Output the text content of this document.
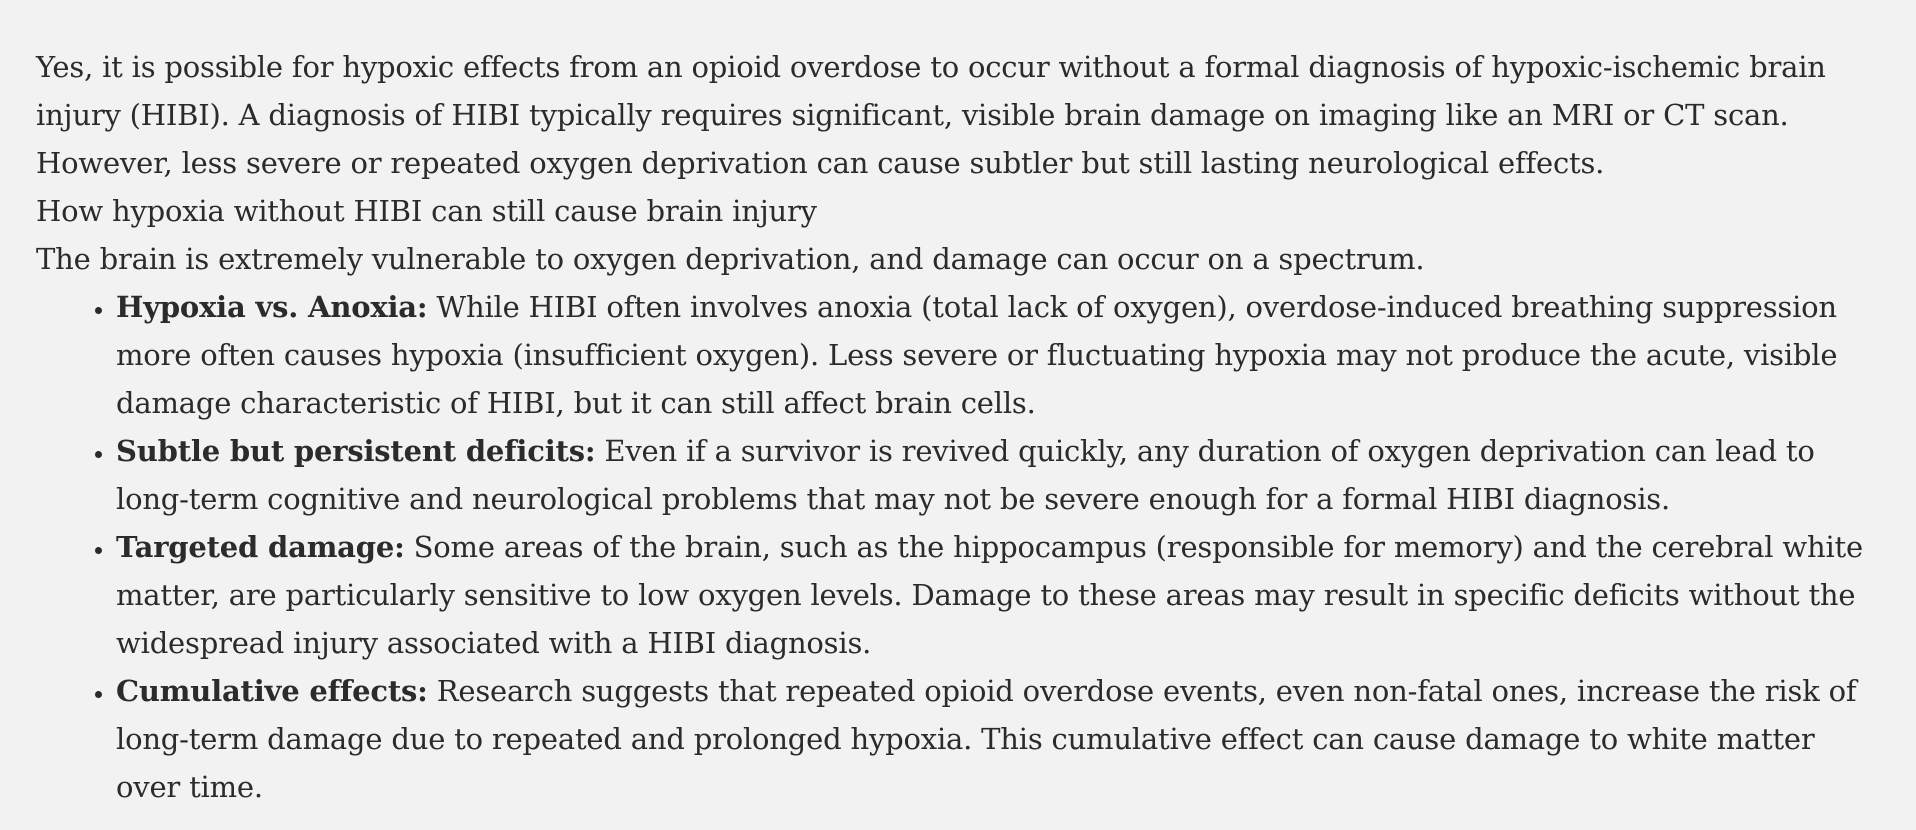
Yes, it is possible for hypoxic effects from an opioid overdose to occur without a formal diagnosis of hypoxic-ischemic brain injury (HIBI). A diagnosis of HIBI typically requires significant, visible brain damage on imaging like an MRI or CT scan. However, less severe or repeated oxygen deprivation can cause subtler but still lasting neurological effects.

How hypoxia without HIBI can still cause brain injury

The brain is extremely vulnerable to oxygen deprivation, and damage can occur on a spectrum.

• Hypoxia vs. Anoxia: While HIBI often involves anoxia (total lack of oxygen), overdose-induced breathing suppression more often causes hypoxia (insufficient oxygen). Less severe or fluctuating hypoxia may not produce the acute, visible damage characteristic of HIBI, but it can still affect brain cells.
• Subtle but persistent deficits: Even if a survivor is revived quickly, any duration of oxygen deprivation can lead to long-term cognitive and neurological problems that may not be severe enough for a formal HIBI diagnosis.
• Targeted damage: Some areas of the brain, such as the hippocampus (responsible for memory) and the cerebral white matter, are particularly sensitive to low oxygen levels. Damage to these areas may result in specific deficits without the widespread injury associated with a HIBI diagnosis.
• Cumulative effects: Research suggests that repeated opioid overdose events, even non-fatal ones, increase the risk of long-term damage due to repeated and prolonged hypoxia. This cumulative effect can cause damage to white matter over time.
